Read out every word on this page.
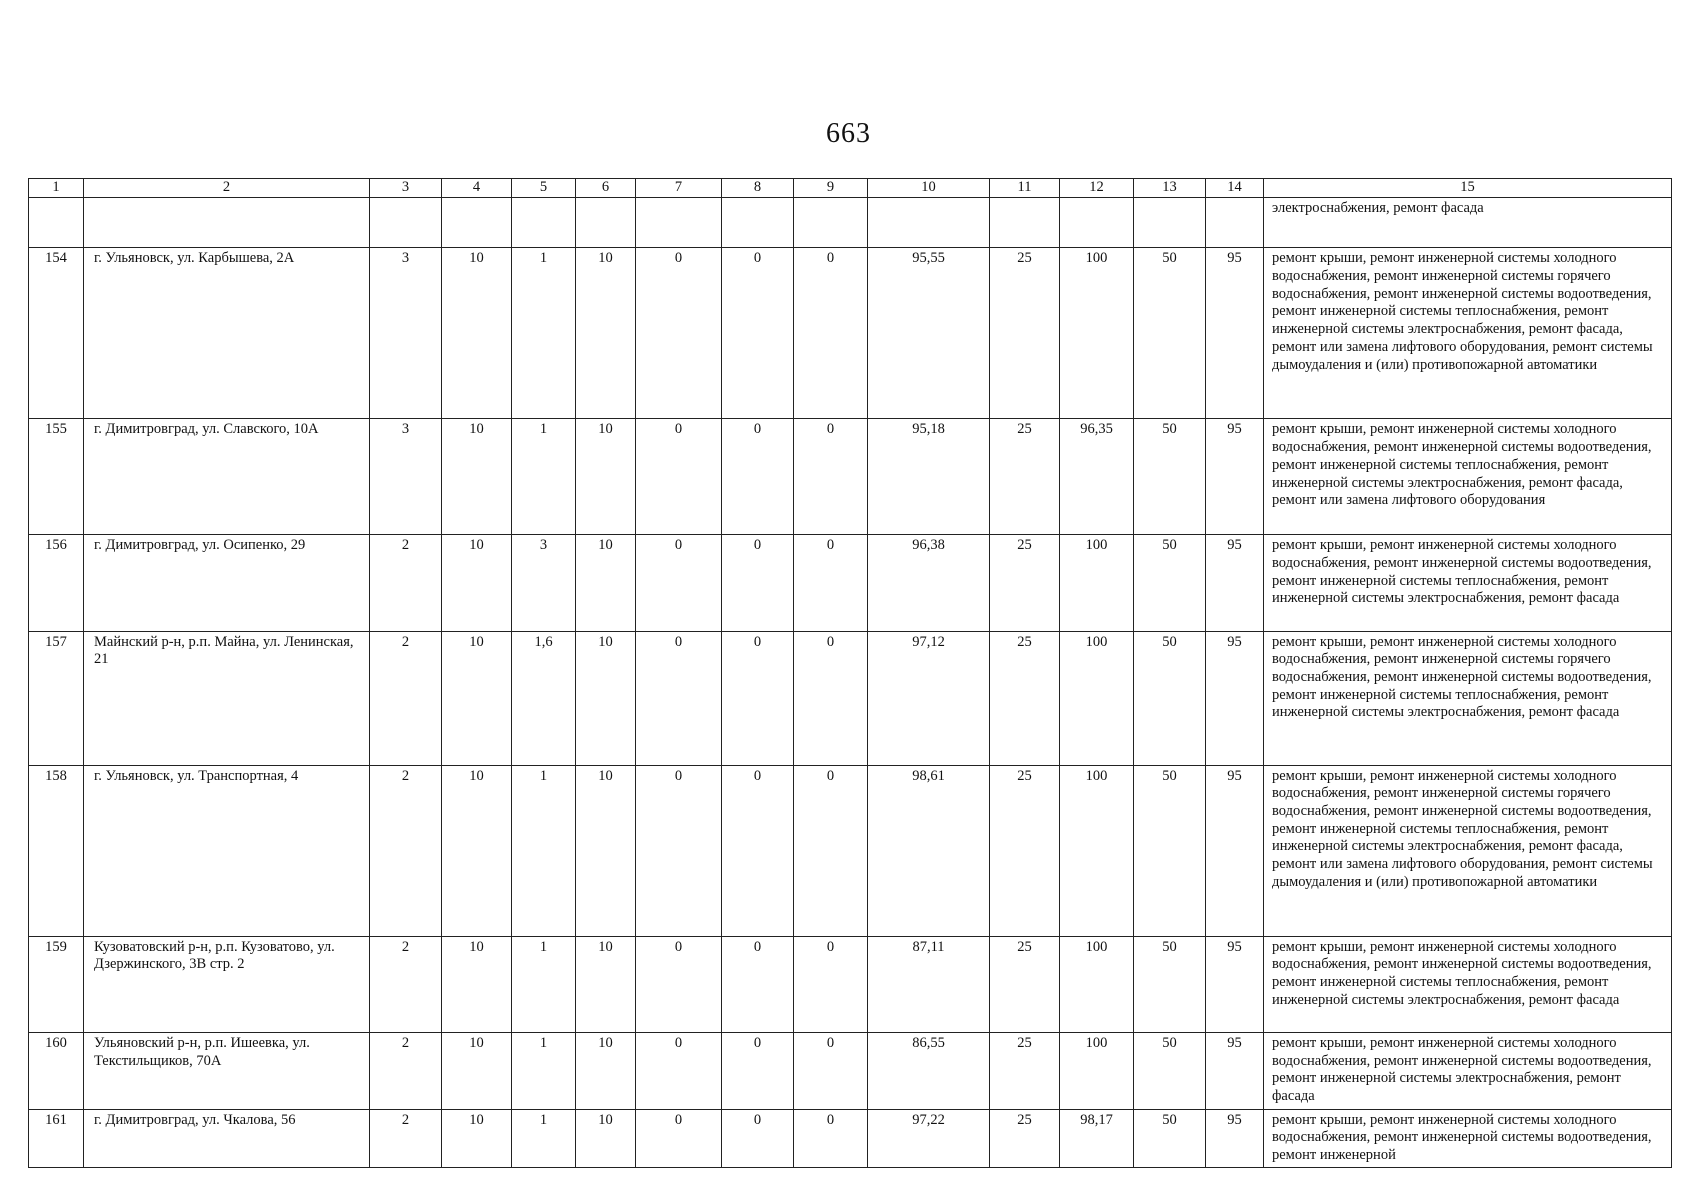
663
1	2	3	4	5	6	7	8	9	10	11	12	13	14	15
														электроснабжения, ремонт фасада
154	г. Ульяновск, ул. Карбышева, 2А	3	10	1	10	0	0	0	95,55	25	100	50	95	ремонт крыши, ремонт инженерной системы холодного водоснабжения, ремонт инженерной системы горячего водоснабжения, ремонт инженерной системы водоотведения, ремонт инженерной системы теплоснабжения, ремонт инженерной системы электроснабжения, ремонт фасада, ремонт или замена лифтового оборудования, ремонт системы дымоудаления и (или) противопожарной автоматики
155	г. Димитровград, ул. Славского, 10А	3	10	1	10	0	0	0	95,18	25	96,35	50	95	ремонт крыши, ремонт инженерной системы холодного водоснабжения, ремонт инженерной системы водоотведения, ремонт инженерной системы теплоснабжения, ремонт инженерной системы электроснабжения, ремонт фасада, ремонт или замена лифтового оборудования
156	г. Димитровград, ул. Осипенко, 29	2	10	3	10	0	0	0	96,38	25	100	50	95	ремонт крыши, ремонт инженерной системы холодного водоснабжения, ремонт инженерной системы водоотведения, ремонт инженерной системы теплоснабжения, ремонт инженерной системы электроснабжения, ремонт фасада
157	Майнский р-н, р.п. Майна, ул. Ленинская, 21	2	10	1,6	10	0	0	0	97,12	25	100	50	95	ремонт крыши, ремонт инженерной системы холодного водоснабжения, ремонт инженерной системы горячего водоснабжения, ремонт инженерной системы водоотведения, ремонт инженерной системы теплоснабжения, ремонт инженерной системы электроснабжения, ремонт фасада
158	г. Ульяновск, ул. Транспортная, 4	2	10	1	10	0	0	0	98,61	25	100	50	95	ремонт крыши, ремонт инженерной системы холодного водоснабжения, ремонт инженерной системы горячего водоснабжения, ремонт инженерной системы водоотведения, ремонт инженерной системы теплоснабжения, ремонт инженерной системы электроснабжения, ремонт фасада, ремонт или замена лифтового оборудования, ремонт системы дымоудаления и (или) противопожарной автоматики
159	Кузоватовский р-н, р.п. Кузоватово, ул. Дзержинского, 3В стр. 2	2	10	1	10	0	0	0	87,11	25	100	50	95	ремонт крыши, ремонт инженерной системы холодного водоснабжения, ремонт инженерной системы водоотведения, ремонт инженерной системы теплоснабжения, ремонт инженерной системы электроснабжения, ремонт фасада
160	Ульяновский р-н, р.п. Ишеевка, ул. Текстильщиков, 70А	2	10	1	10	0	0	0	86,55	25	100	50	95	ремонт крыши, ремонт инженерной системы холодного водоснабжения, ремонт инженерной системы водоотведения, ремонт инженерной системы электроснабжения, ремонт фасада
161	г. Димитровград, ул. Чкалова, 56	2	10	1	10	0	0	0	97,22	25	98,17	50	95	ремонт крыши, ремонт инженерной системы холодного водоснабжения, ремонт инженерной системы водоотведения, ремонт инженерной
